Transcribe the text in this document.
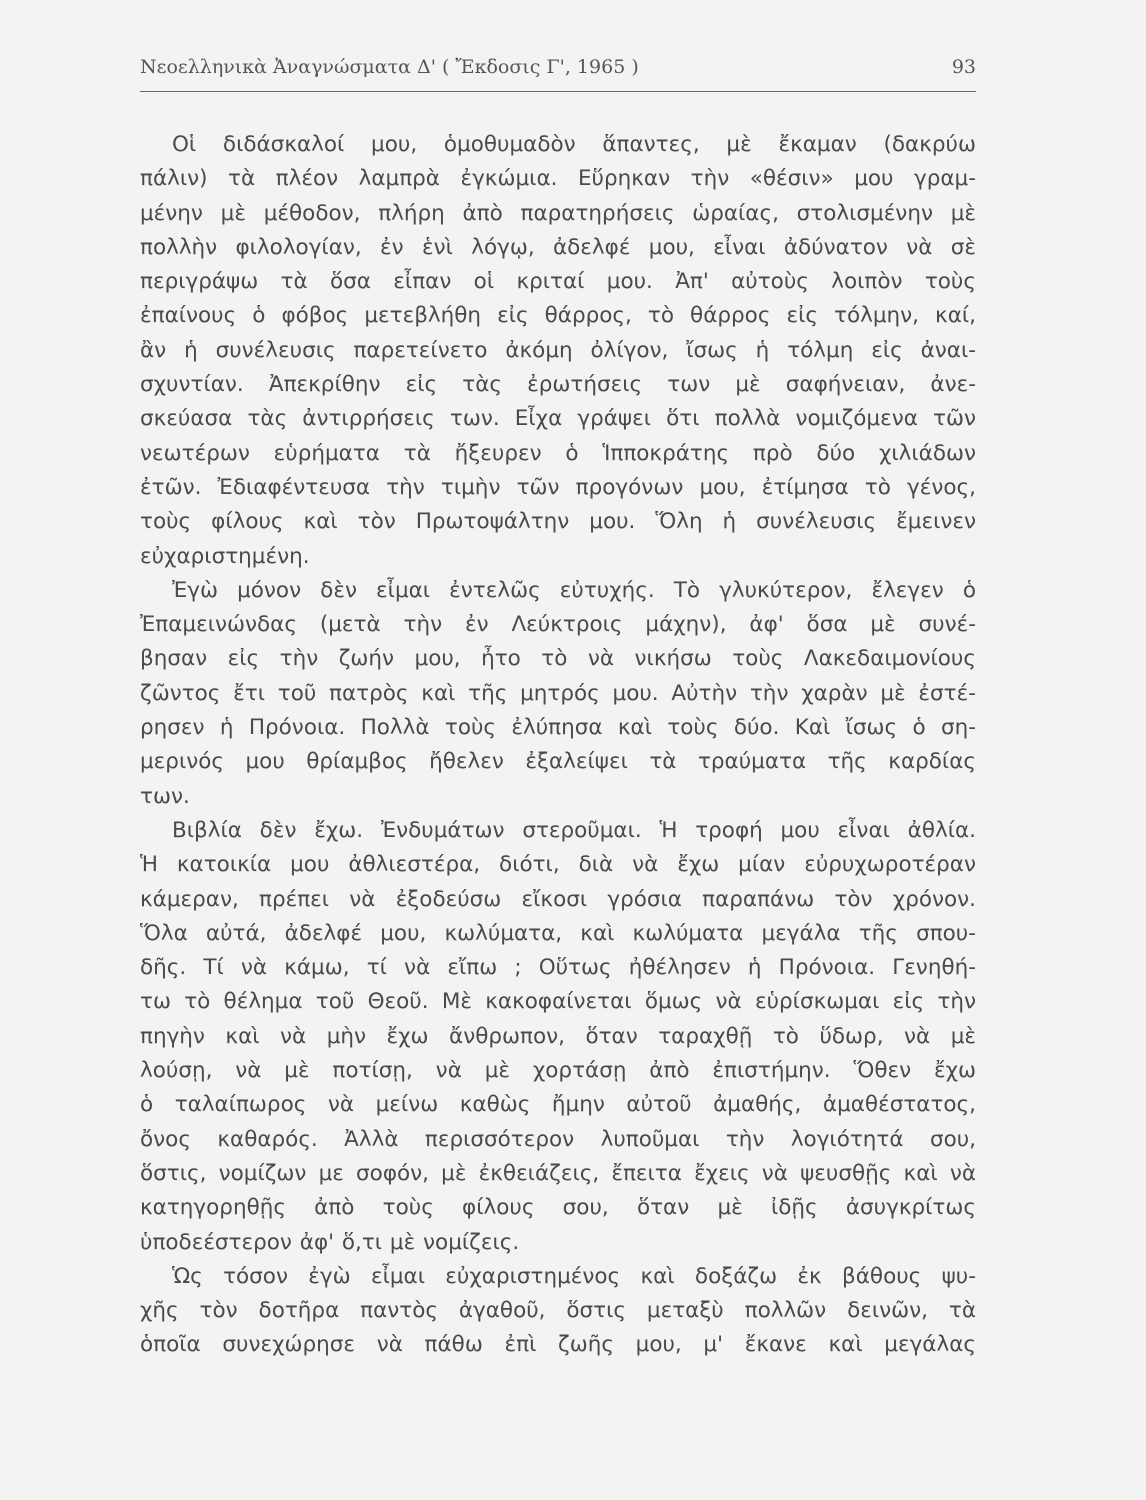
Νεοελληνικὰ Ἀναγνώσματα Δ' ( Ἔκδοσις Γ', 1965 )	93
Οἱ διδάσκαλοί μου, ὁμοθυμαδὸν ἅπαντες, μὲ ἔκαμαν (δακρύω
πάλιν) τὰ πλέον λαμπρὰ ἐγκώμια. Εὕρηκαν τὴν «θέσιν» μου γραμ-
μένην μὲ μέθοδον, πλήρη ἀπὸ παρατηρήσεις ὡραίας, στολισμένην μὲ
πολλὴν φιλολογίαν, ἐν ἑνὶ λόγῳ, ἀδελφέ μου, εἶναι ἀδύνατον νὰ σὲ
περιγράψω τὰ ὅσα εἶπαν οἱ κριταί μου. Ἀπ' αὐτοὺς λοιπὸν τοὺς
ἐπαίνους ὁ φόβος μετεβλήθη εἰς θάρρος, τὸ θάρρος εἰς τόλμην, καί,
ἂν ἡ συνέλευσις παρετείνετο ἀκόμη ὀλίγον, ἴσως ἡ τόλμη εἰς ἀναι-
σχυντίαν. Ἀπεκρίθην εἰς τὰς ἐρωτήσεις των μὲ σαφήνειαν, ἀνε-
σκεύασα τὰς ἀντιρρήσεις των. Εἶχα γράψει ὅτι πολλὰ νομιζόμενα τῶν
νεωτέρων εὑρήματα τὰ ἤξευρεν ὁ Ἱπποκράτης πρὸ δύο χιλιάδων
ἐτῶν. Ἐδιαφέντευσα τὴν τιμὴν τῶν προγόνων μου, ἐτίμησα τὸ γένος,
τοὺς φίλους καὶ τὸν Πρωτοψάλτην μου. Ὅλη ἡ συνέλευσις ἔμεινεν
εὐχαριστημένη.
Ἐγὼ μόνον δὲν εἶμαι ἐντελῶς εὐτυχής. Τὸ γλυκύτερον, ἔλεγεν ὁ
Ἐπαμεινώνδας (μετὰ τὴν ἐν Λεύκτροις μάχην), ἀφ' ὅσα μὲ συνέ-
βησαν εἰς τὴν ζωήν μου, ἦτο τὸ νὰ νικήσω τοὺς Λακεδαιμονίους
ζῶντος ἔτι τοῦ πατρὸς καὶ τῆς μητρός μου. Αὐτὴν τὴν χαρὰν μὲ ἐστέ-
ρησεν ἡ Πρόνοια. Πολλὰ τοὺς ἐλύπησα καὶ τοὺς δύο. Καὶ ἴσως ὁ ση-
μερινός μου θρίαμβος ἤθελεν ἐξαλείψει τὰ τραύματα τῆς καρδίας
των.
Βιβλία δὲν ἔχω. Ἐνδυμάτων στεροῦμαι. Ἡ τροφή μου εἶναι ἀθλία.
Ἡ κατοικία μου ἀθλιεστέρα, διότι, διὰ νὰ ἔχω μίαν εὐρυχωροτέραν
κάμεραν, πρέπει νὰ ἐξοδεύσω εἴκοσι γρόσια παραπάνω τὸν χρόνον.
Ὅλα αὐτά, ἀδελφέ μου, κωλύματα, καὶ κωλύματα μεγάλα τῆς σπου-
δῆς. Τί νὰ κάμω, τί νὰ εἴπω ; Οὕτως ἠθέλησεν ἡ Πρόνοια. Γενηθή-
τω τὸ θέλημα τοῦ Θεοῦ. Μὲ κακοφαίνεται ὅμως νὰ εὑρίσκωμαι εἰς τὴν
πηγὴν καὶ νὰ μὴν ἔχω ἄνθρωπον, ὅταν ταραχθῇ τὸ ὕδωρ, νὰ μὲ
λούσῃ, νὰ μὲ ποτίσῃ, νὰ μὲ χορτάσῃ ἀπὸ ἐπιστήμην. Ὅθεν ἔχω
ὁ ταλαίπωρος νὰ μείνω καθὼς ἤμην αὐτοῦ ἀμαθής, ἀμαθέστατος,
ὄνος καθαρός. Ἀλλὰ περισσότερον λυποῦμαι τὴν λογιότητά σου,
ὅστις, νομίζων με σοφόν, μὲ ἐκθειάζεις, ἔπειτα ἔχεις νὰ ψευσθῇς καὶ νὰ
κατηγορηθῇς ἀπὸ τοὺς φίλους σου, ὅταν μὲ ἰδῇς ἀσυγκρίτως
ὑποδεέστερον ἀφ' ὅ,τι μὲ νομίζεις.
Ὡς τόσον ἐγὼ εἶμαι εὐχαριστημένος καὶ δοξάζω ἐκ βάθους ψυ-
χῆς τὸν δοτῆρα παντὸς ἀγαθοῦ, ὅστις μεταξὺ πολλῶν δεινῶν, τὰ
ὁποῖα συνεχώρησε νὰ πάθω ἐπὶ ζωῆς μου, μ' ἔκανε καὶ μεγάλας
